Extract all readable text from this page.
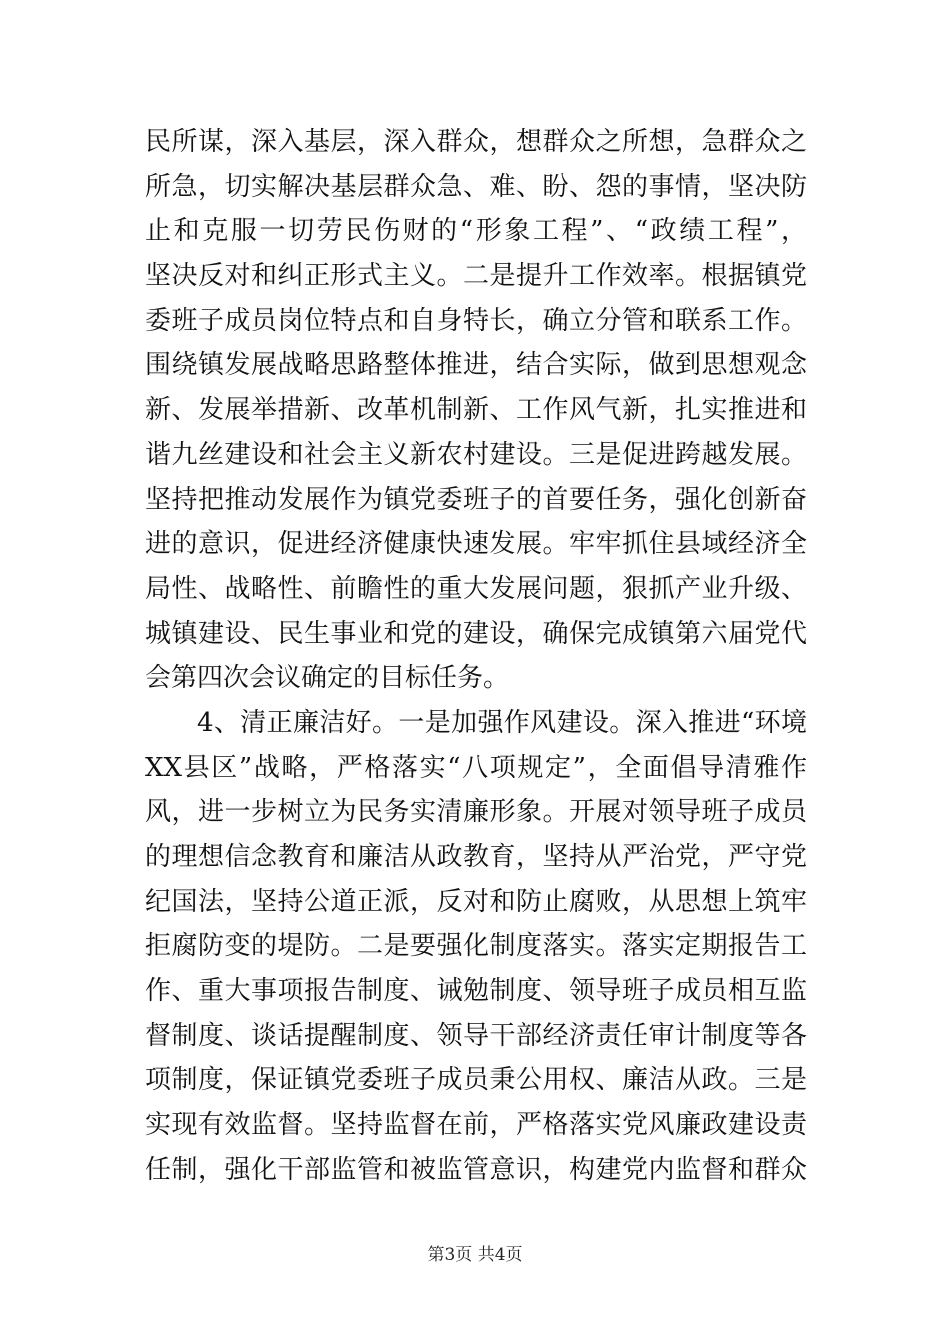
民所谋，深入基层，深入群众，想群众之所想，急群众之
所急，切实解决基层群众急、难、盼、怨的事情，坚决防
止和克服一切劳民伤财的“形象工程”、“政绩工程”，
坚决反对和纠正形式主义。二是提升工作效率。根据镇党
委班子成员岗位特点和自身特长，确立分管和联系工作。
围绕镇发展战略思路整体推进，结合实际，做到思想观念
新、发展举措新、改革机制新、工作风气新，扎实推进和
谐九丝建设和社会主义新农村建设。三是促进跨越发展。
坚持把推动发展作为镇党委班子的首要任务，强化创新奋
进的意识，促进经济健康快速发展。牢牢抓住县域经济全
局性、战略性、前瞻性的重大发展问题，狠抓产业升级、
城镇建设、民生事业和党的建设，确保完成镇第六届党代
会第四次会议确定的目标任务。
4、清正廉洁好。一是加强作风建设。深入推进“环境
XX县区”战略，严格落实“八项规定”，全面倡导清雅作
风，进一步树立为民务实清廉形象。开展对领导班子成员
的理想信念教育和廉洁从政教育，坚持从严治党，严守党
纪国法，坚持公道正派，反对和防止腐败，从思想上筑牢
拒腐防变的堤防。二是要强化制度落实。落实定期报告工
作、重大事项报告制度、诫勉制度、领导班子成员相互监
督制度、谈话提醒制度、领导干部经济责任审计制度等各
项制度，保证镇党委班子成员秉公用权、廉洁从政。三是
实现有效监督。坚持监督在前，严格落实党风廉政建设责
任制，强化干部监管和被监管意识，构建党内监督和群众
第3页 共4页
